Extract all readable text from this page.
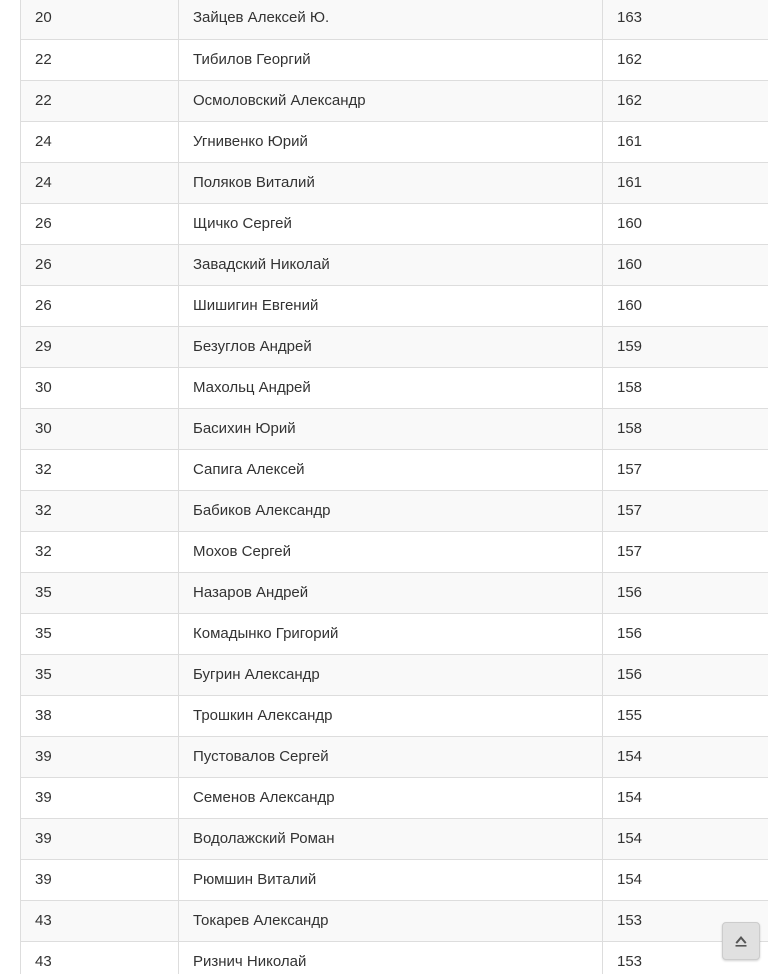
20	Зайцев Алексей Ю.	163
22	Тибилов Георгий	162
22	Осмоловский Александр	162
24	Угнивенко Юрий	161
24	Поляков Виталий	161
26	Щичко Сергей	160
26	Завадский Николай	160
26	Шишигин Евгений	160
29	Безуглов Андрей	159
30	Махольц Андрей	158
30	Басихин Юрий	158
32	Сапига Алексей	157
32	Бабиков Александр	157
32	Мохов Сергей	157
35	Назаров Андрей	156
35	Комадынко Григорий	156
35	Бугрин Александр	156
38	Трошкин Александр	155
39	Пустовалов Сергей	154
39	Семенов Александр	154
39	Водолажский Роман	154
39	Рюмшин Виталий	154
43	Токарев Александр	153
43	Ризнич Николай	153
